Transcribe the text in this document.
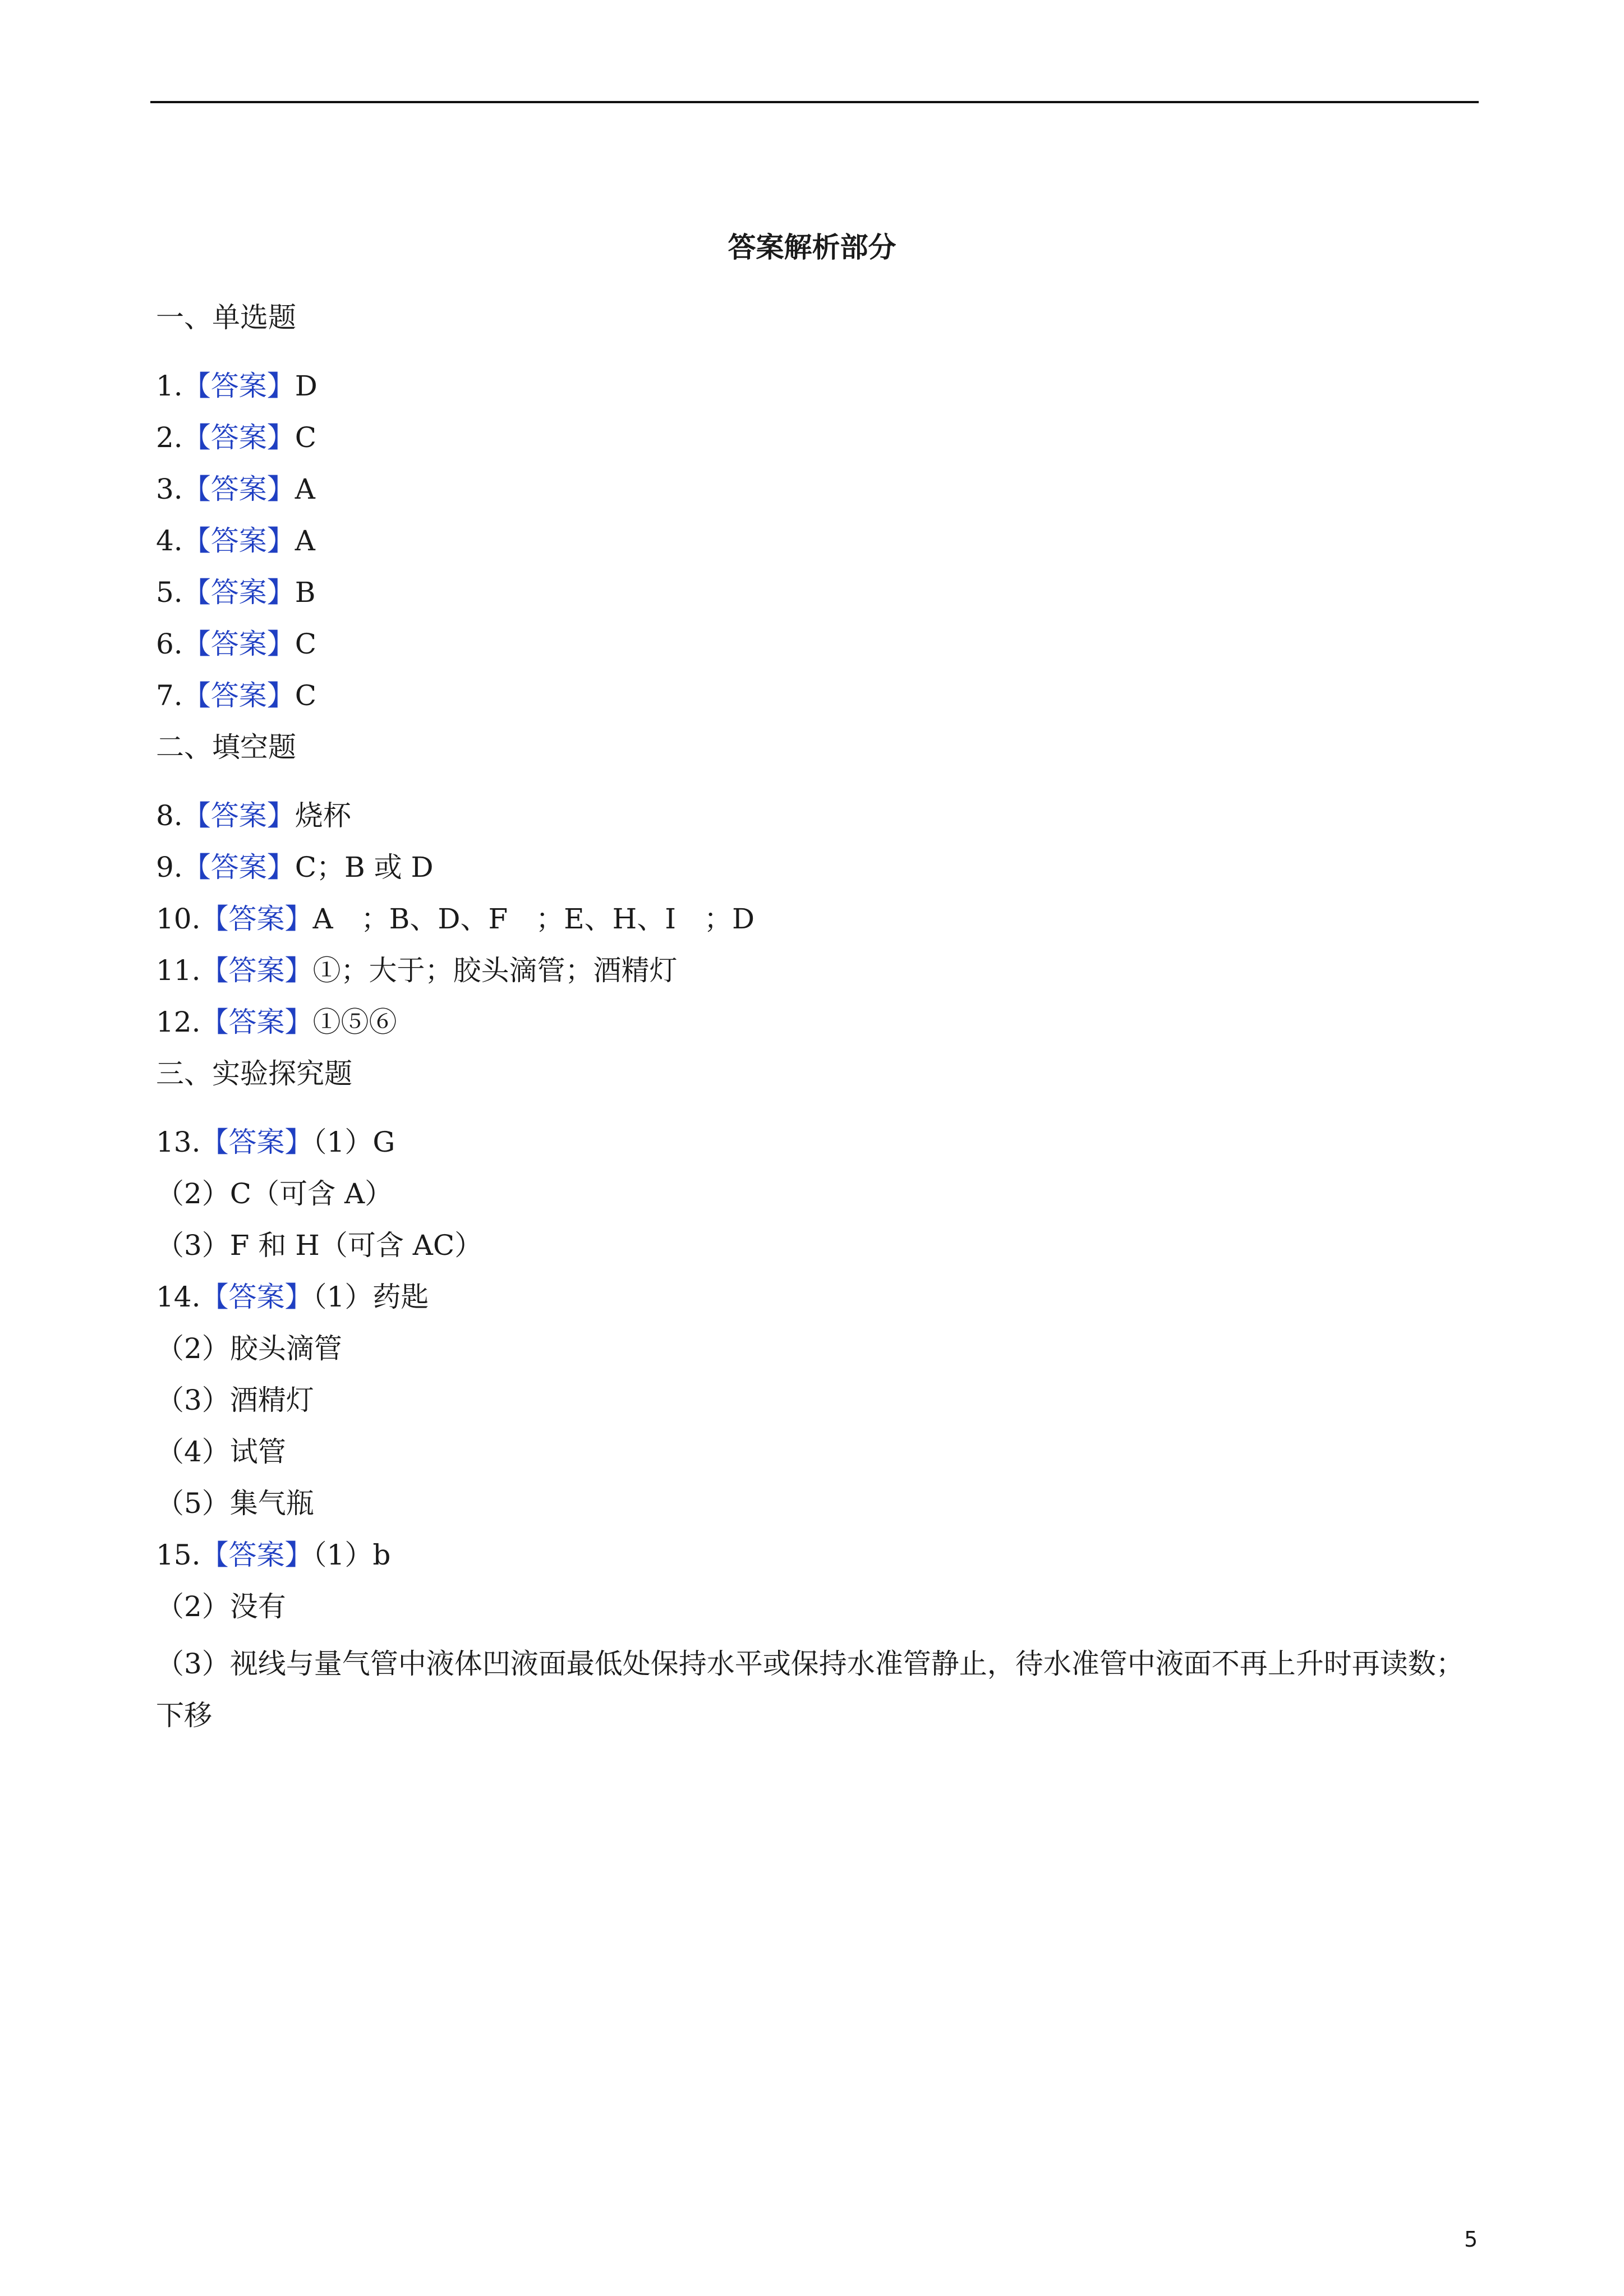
答案解析部分
一、单选题
1.【答案】D
2.【答案】C
3.【答案】A
4.【答案】A
5.【答案】B
6.【答案】C
7.【答案】C
二、填空题
8.【答案】烧杯
9.【答案】C；B 或 D
10.【答案】A　；B、D、F　；E、H、I　；D
11.【答案】①；大于；胶头滴管；酒精灯
12.【答案】①⑤⑥
三、实验探究题
13.【答案】（1）G
（2）C（可含 A）
（3）F 和 H（可含 AC）
14.【答案】（1）药匙
（2）胶头滴管
（3）酒精灯
（4）试管
（5）集气瓶
15.【答案】（1）b
（2）没有
（3）视线与量气管中液体凹液面最低处保持水平或保持水准管静止，待水准管中液面不再上升时再读数；下移
5
